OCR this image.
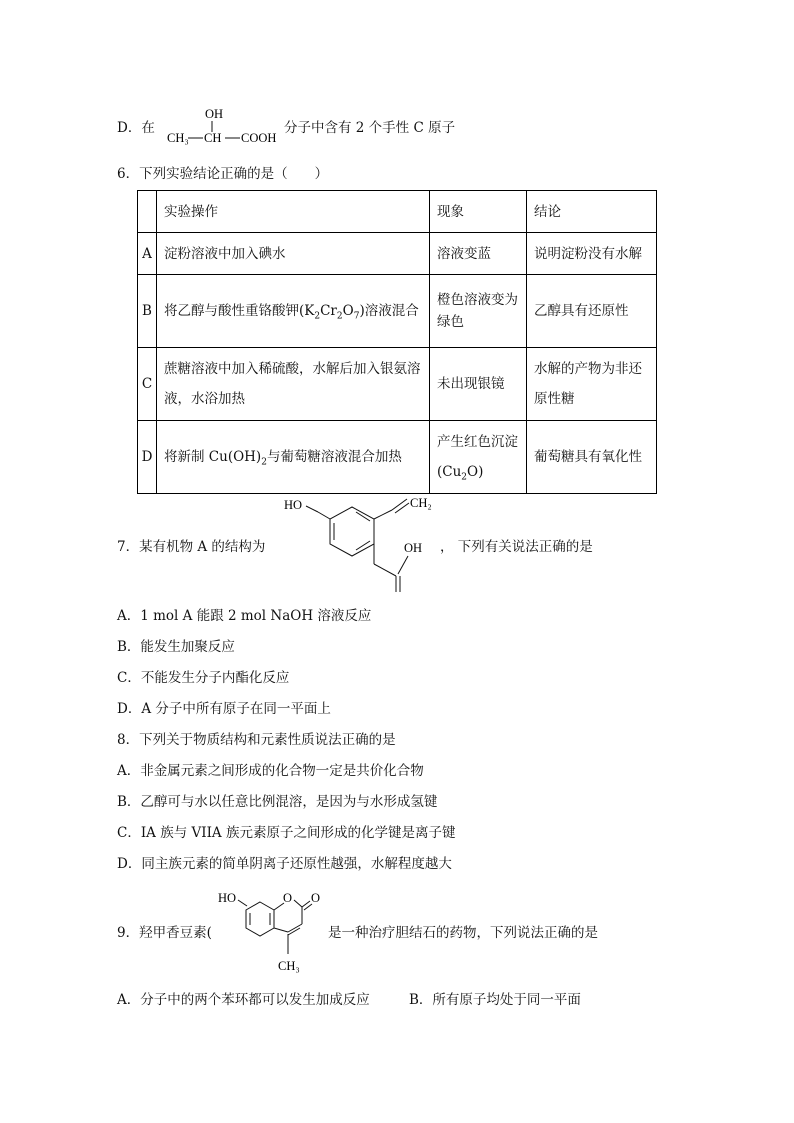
D．在
OH
CH₃ CH COOH
分子中含有 2 个手性 C 原子
6．下列实验结论正确的是（　　）
	实验操作	现象	结论
A	淀粉溶液中加入碘水	溶液变蓝	说明淀粉没有水解
B	将乙醇与酸性重铬酸钾$(K_2Cr_2O_7)$溶液混合	橙色溶液变为绿色	乙醇具有还原性
C	蔗糖溶液中加入稀硫酸，水解后加入银氨溶液，水浴加热	未出现银镜	水解的产物为非还原性糖
D	将新制 $Cu(OH)_2$与葡萄糖溶液混合加热	产生红色沉淀$(Cu_2O)$	葡萄糖具有氧化性
7．某有机物 A 的结构为
HO	CH₂
OH ， 下列有关说法正确的是
A．1 mol A 能跟 2 mol NaOH 溶液反应
B．能发生加聚反应
C．不能发生分子内酯化反应
D．A 分子中所有原子在同一平面上
8．下列关于物质结构和元素性质说法正确的是
A．非金属元素之间形成的化合物一定是共价化合物
B．乙醇可与水以任意比例混溶，是因为与水形成氢键
C．IA 族与 VIIA 族元素原子之间形成的化学键是离子键
D．同主族元素的简单阴离子还原性越强，水解程度越大
9．羟甲香豆素(
HO	O O
CH₃
是一种治疗胆结石的药物，下列说法正确的是
A．分子中的两个苯环都可以发生加成反应	B．所有原子均处于同一平面
